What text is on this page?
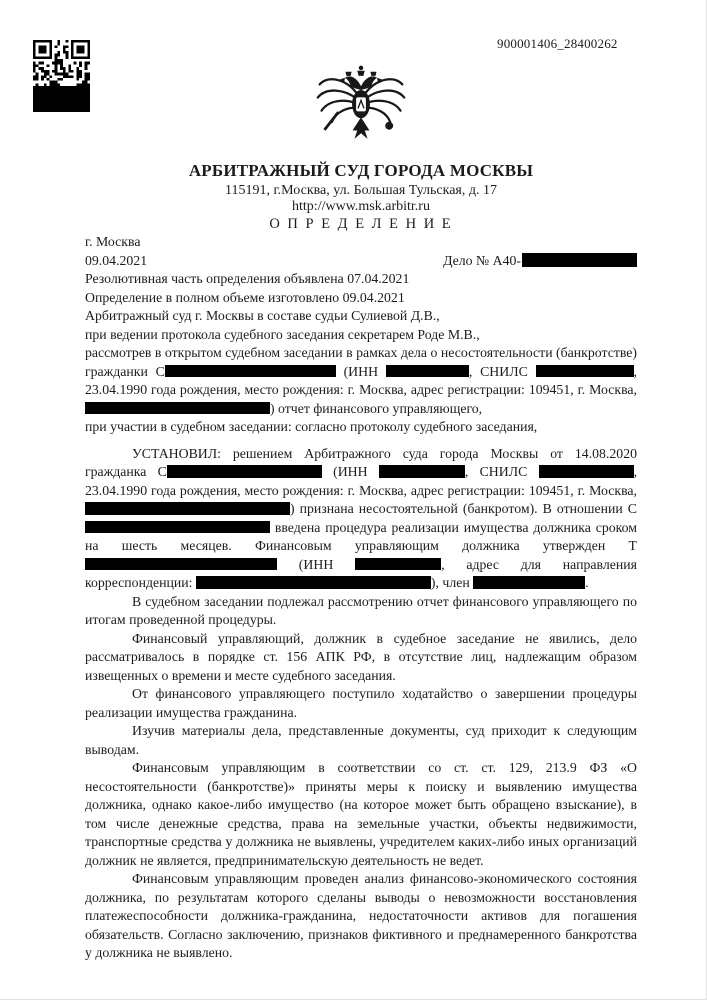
900001406_28400262
АРБИТРАЖНЫЙ СУД ГОРОДА МОСКВЫ
115191, г.Москва, ул. Большая Тульская, д. 17
http://www.msk.arbitr.ru
О П Р Е Д Е Л Е Н И Е
г. Москва
09.04.2021	Дело № А40-

Резолютивная часть определения объявлена 07.04.2021

Определение в полном объеме изготовлено 09.04.2021

Арбитражный суд г. Москвы в составе судьи Сулиевой Д.В.,

при ведении протокола судебного заседания секретарем Роде М.В.,

рассмотрев в открытом судебном заседании в рамках дела о несостоятельности (банкротстве) гражданки С	(ИНН	, СНИЛС	, 23.04.1990 года рождения, место рождения: г. Москва, адрес регистрации: 109451, г. Москва, ) отчет финансового управляющего,

при участии в судебном заседании: согласно протоколу судебного заседания,

УСТАНОВИЛ: решением Арбитражного суда города Москвы от 14.08.2020 гражданка С	(ИНН	, СНИЛС	, 23.04.1990 года рождения, место рождения: г. Москва, адрес регистрации: 109451, г. Москва, ) признана несостоятельной (банкротом). В отношении С введена процедура реализации имущества должника сроком на шесть месяцев. Финансовым управляющим должника утвержден Т (ИНН	, адрес для направления корреспонденции:	), член	.

В судебном заседании подлежал рассмотрению отчет финансового управляющего по итогам проведенной процедуры.

Финансовый управляющий, должник в судебное заседание не явились, дело рассматривалось в порядке ст. 156 АПК РФ, в отсутствие лиц, надлежащим образом извещенных о времени и месте судебного заседания.

От финансового управляющего поступило ходатайство о завершении процедуры реализации имущества гражданина.

Изучив материалы дела, представленные документы, суд приходит к следующим выводам.

Финансовым управляющим в соответствии со ст. ст. 129, 213.9 ФЗ «О несостоятельности (банкротстве)» приняты меры к поиску и выявлению имущества должника, однако какое-либо имущество (на которое может быть обращено взыскание), в том числе денежные средства, права на земельные участки, объекты недвижимости, транспортные средства у должника не выявлены, учредителем каких-либо иных организаций должник не является, предпринимательскую деятельность не ведет.

Финансовым управляющим проведен анализ финансово-экономического состояния должника, по результатам которого сделаны выводы о невозможности восстановления платежеспособности должника-гражданина, недостаточности активов для погашения обязательств. Согласно заключению, признаков фиктивного и преднамеренного банкротства у должника не выявлено.
